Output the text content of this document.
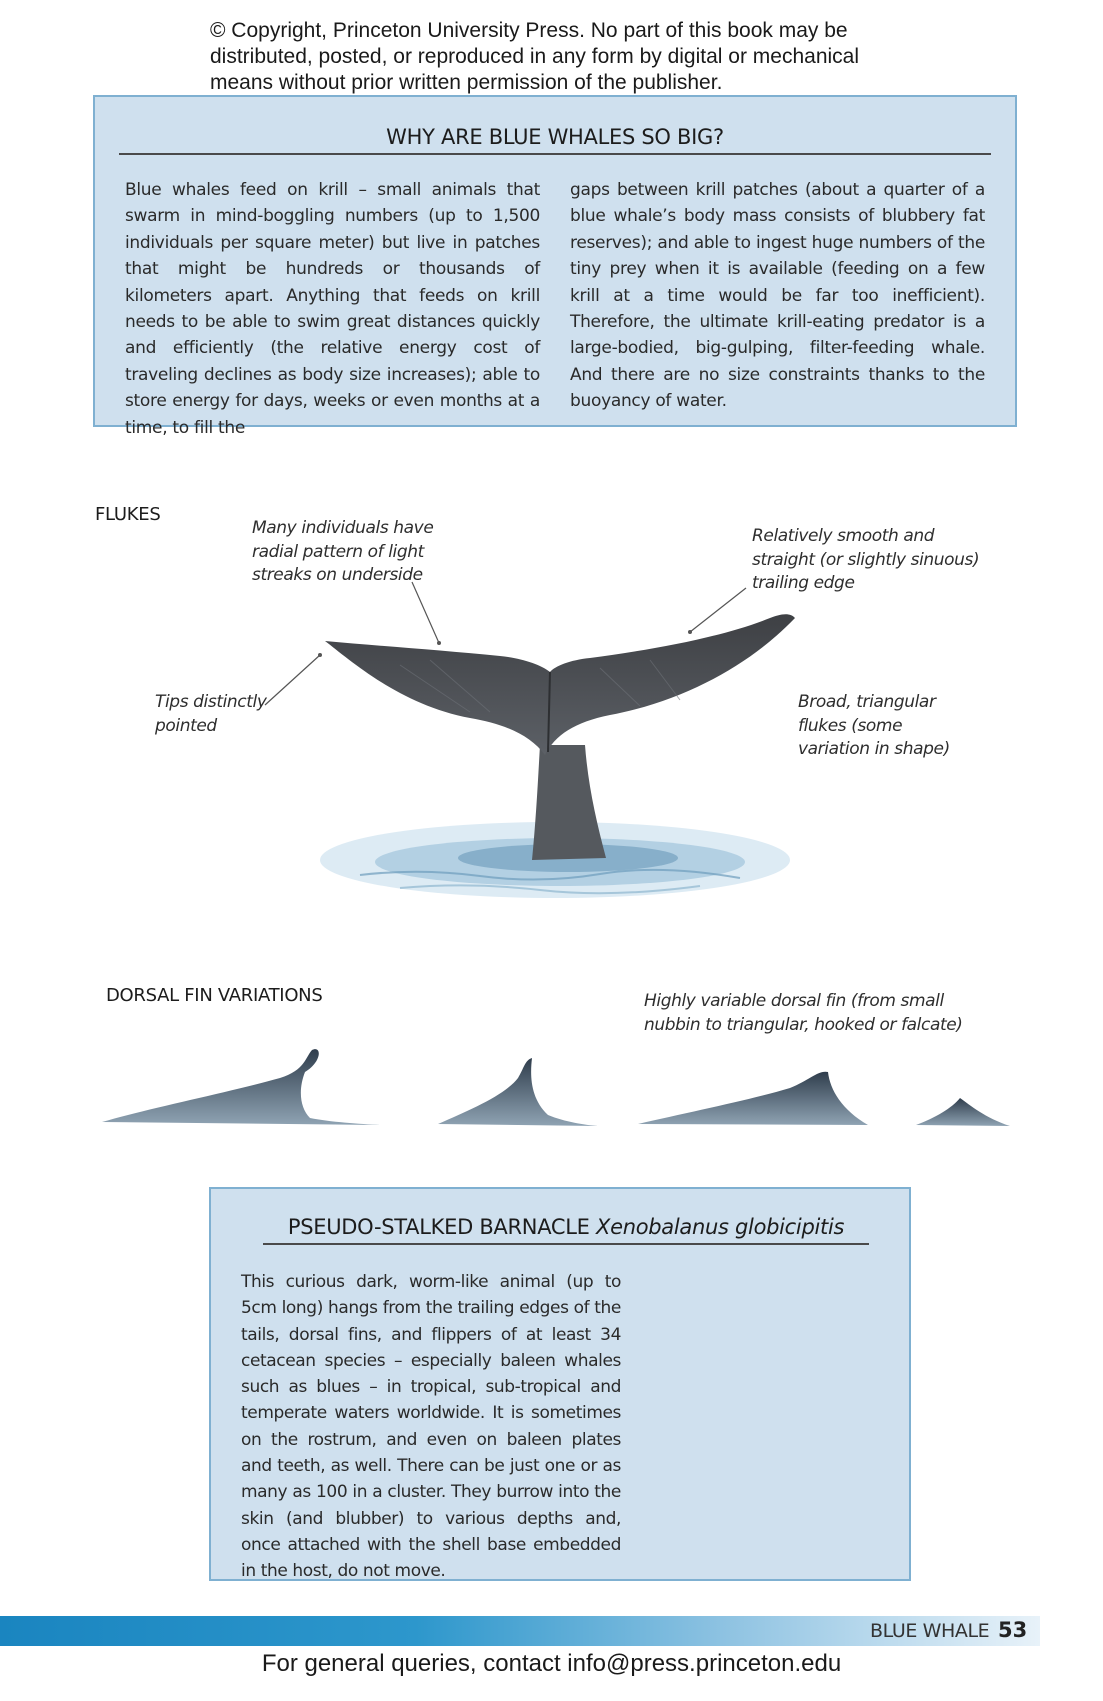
© Copyright, Princeton University Press. No part of this book may be
distributed, posted, or reproduced in any form by digital or mechanical
means without prior written permission of the publisher.
WHY ARE BLUE WHALES SO BIG?
Blue whales feed on krill – small animals that swarm in mind-boggling numbers (up to 1,500 individuals per square meter) but live in patches that might be hundreds or thousands of kilometers apart. Anything that feeds on krill needs to be able to swim great distances quickly and efficiently (the relative energy cost of traveling declines as body size increases); able to store energy for days, weeks or even months at a time, to fill the
gaps between krill patches (about a quarter of a blue whale’s body mass consists of blubbery fat reserves); and able to ingest huge numbers of the tiny prey when it is available (feeding on a few krill at a time would be far too inefficient). Therefore, the ultimate krill-eating predator is a large-bodied, big-gulping, filter-feeding whale. And there are no size constraints thanks to the buoyancy of water.
FLUKES
Many individuals have
radial pattern of light
streaks on underside
Relatively smooth and
straight (or slightly sinuous)
trailing edge
Tips distinctly
pointed
Broad, triangular
flukes (some
variation in shape)
DORSAL FIN VARIATIONS	Highly variable dorsal fin (from small
nubbin to triangular, hooked or falcate)
PSEUDO-STALKED BARNACLE Xenobalanus globicipitis
This curious dark, worm-like animal (up to 5cm long) hangs from the trailing edges of the tails, dorsal fins, and flippers of at least 34 cetacean species – especially baleen whales such as blues – in tropical, sub-tropical and temperate waters worldwide. It is sometimes on the rostrum, and even on baleen plates and teeth, as well. There can be just one or as many as 100 in a cluster. They burrow into the skin (and blubber) to various depths and, once attached with the shell base embedded in the host, do not move.
BLUE WHALE 53
For general queries, contact info@press.princeton.edu
